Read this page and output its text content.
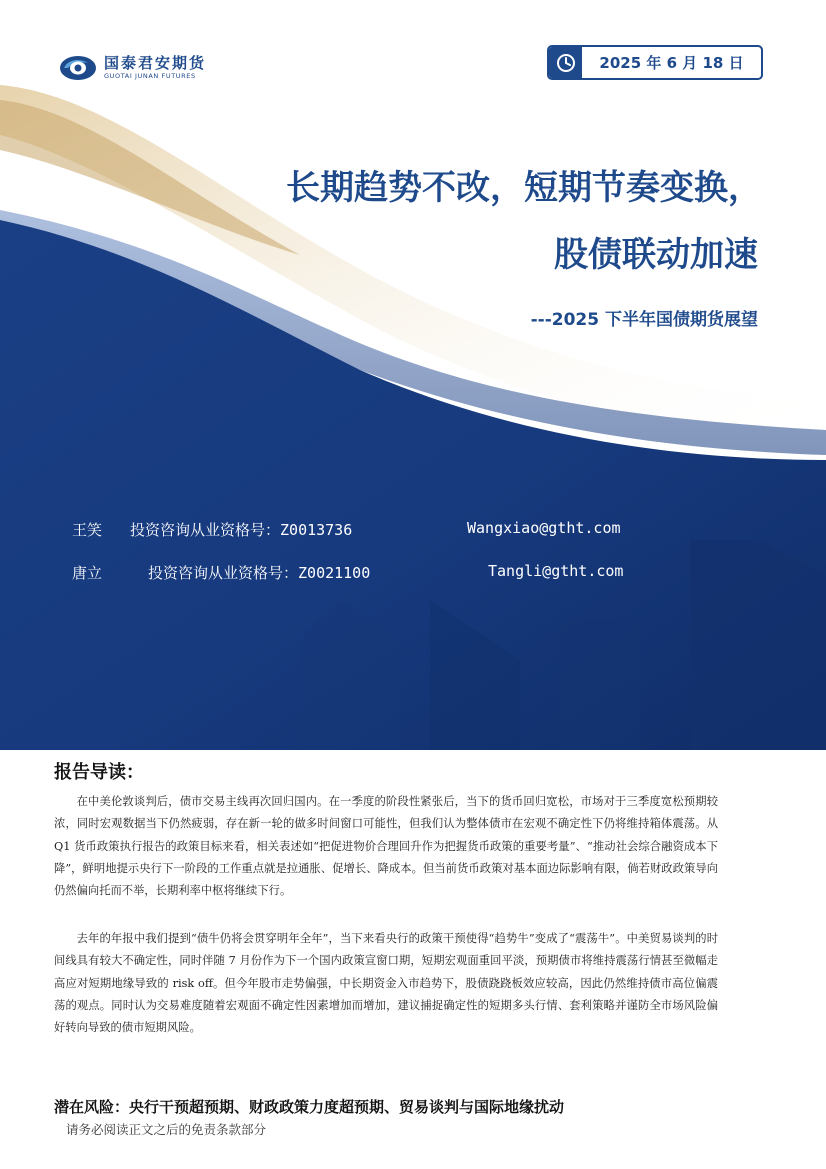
国泰君安期货
GUOTAI JUNAN FUTURES
2025 年 6 月 18 日
长期趋势不改，短期节奏变换，
股债联动加速
---2025 下半年国债期货展望
王笑 投资咨询从业资格号：Z0013736	Wangxiao@gtht.com
唐立	投资咨询从业资格号：Z0021100	Tangli@gtht.com
报告导读：

在中美伦敦谈判后，债市交易主线再次回归国内。在一季度的阶段性紧张后，当下的货币回归宽松，市场对于三季度宽松预期较浓，同时宏观数据当下仍然疲弱，存在新一轮的做多时间窗口可能性，但我们认为整体债市在宏观不确定性下仍将维持箱体震荡。从 Q1 货币政策执行报告的政策目标来看，相关表述如“把促进物价合理回升作为把握货币政策的重要考量”、“推动社会综合融资成本下降”，鲜明地提示央行下一阶段的工作重点就是拉通胀、促增长、降成本。但当前货币政策对基本面边际影响有限，倘若财政政策导向仍然偏向托而不举，长期利率中枢将继续下行。

去年的年报中我们提到“债牛仍将会贯穿明年全年”，当下来看央行的政策干预使得“趋势牛”变成了“震荡牛”。中美贸易谈判的时间线具有较大不确定性，同时伴随 7 月份作为下一个国内政策宣窗口期，短期宏观面重回平淡，预期债市将维持震荡行情甚至微幅走高应对短期地缘导致的 risk off。但今年股市走势偏强，中长期资金入市趋势下，股债跷跷板效应较高，因此仍然维持债市高位偏震荡的观点。同时认为交易难度随着宏观面不确定性因素增加而增加，建议捕捉确定性的短期多头行情、套利策略并谨防全市场风险偏好转向导致的债市短期风险。

潜在风险：央行干预超预期、财政政策力度超预期、贸易谈判与国际地缘扰动
请务必阅读正文之后的免责条款部分
